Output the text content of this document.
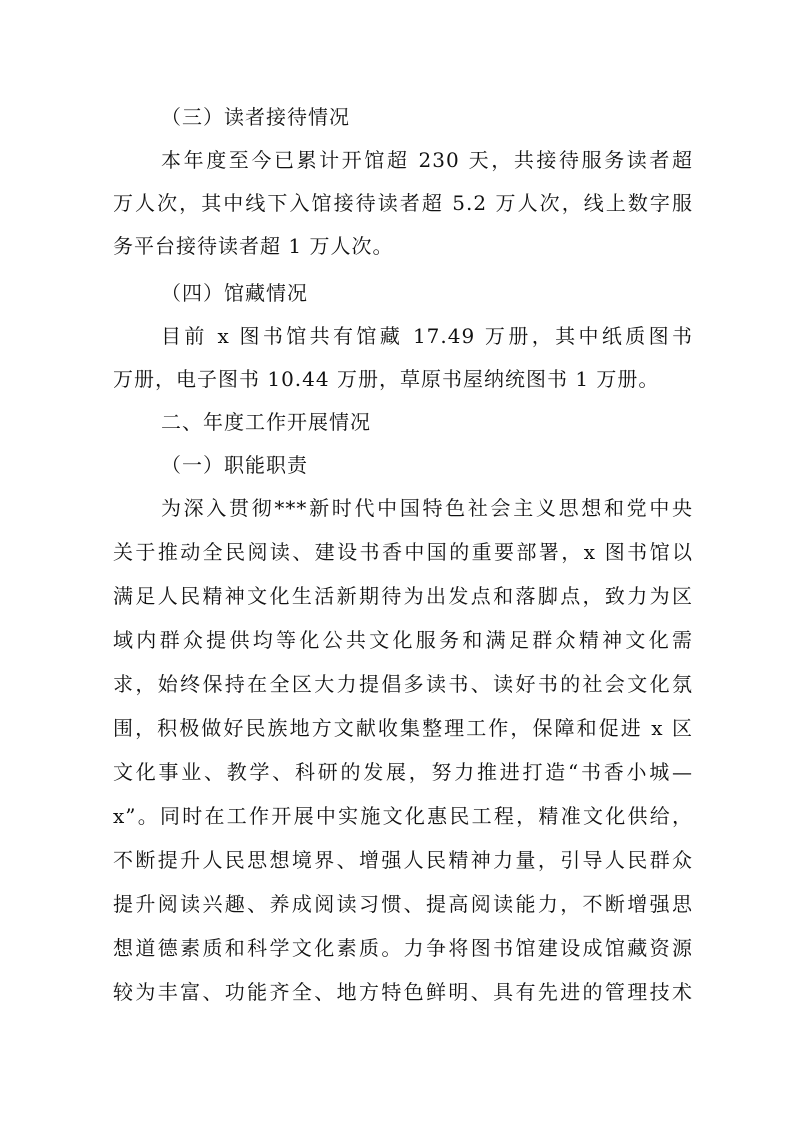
（三）读者接待情况
本年度至今已累计开馆超 230 天，共接待服务读者超
万人次，其中线下入馆接待读者超 5.2 万人次，线上数字服
务平台接待读者超 1 万人次。
（四）馆藏情况
目前 x 图书馆共有馆藏 17.49 万册，其中纸质图书
万册，电子图书 10.44 万册，草原书屋纳统图书 1 万册。
二、年度工作开展情况
（一）职能职责
为深入贯彻***新时代中国特色社会主义思想和党中央
关于推动全民阅读、建设书香中国的重要部署，x 图书馆以
满足人民精神文化生活新期待为出发点和落脚点，致力为区
域内群众提供均等化公共文化服务和满足群众精神文化需
求，始终保持在全区大力提倡多读书、读好书的社会文化氛
围，积极做好民族地方文献收集整理工作，保障和促进 x 区
文化事业、教学、科研的发展，努力推进打造“书香小城—
x”。同时在工作开展中实施文化惠民工程，精准文化供给，
不断提升人民思想境界、增强人民精神力量，引导人民群众
提升阅读兴趣、养成阅读习惯、提高阅读能力，不断增强思
想道德素质和科学文化素质。力争将图书馆建设成馆藏资源
较为丰富、功能齐全、地方特色鲜明、具有先进的管理技术
